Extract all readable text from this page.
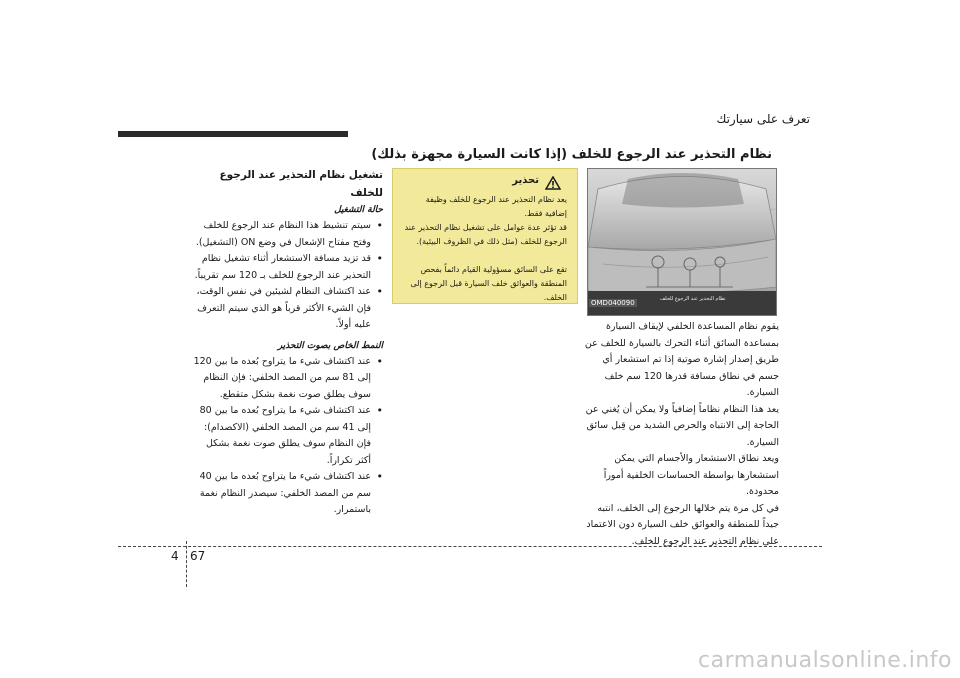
تعرف على سيارتك
نظام التحذير عند الرجوع للخلف (إذا كانت السيارة مجهزة بذلك)
OMD040090	نظام التحذير عند الرجوع للخلف
تحذير
يعد نظام التحذير عند الرجوع للخلف وظيفة إضافية فقط.
قد تؤثر عدة عوامل على تشغيل نظام التحذير عند الرجوع للخلف (مثل ذلك في الظروف البيئية).
تقع على السائق مسؤولية القيام دائماً بفحص المنطقة والعوائق خلف السيارة قبل الرجوع إلى الخلف.

يقوم نظام المساعدة الخلفي لإيقاف السيارة بمساعدة السائق أثناء التحرك بالسيارة للخلف عن طريق إصدار إشارة صوتية إذا تم استشعار أي جسم في نطاق مسافة قدرها 120 سم خلف السيارة.

يعد هذا النظام نظاماً إضافياً ولا يمكن أن يُغني عن الحاجة إلى الانتباه والحرص الشديد من قِبل سائق السيارة.

ويعد نطاق الاستشعار والأجسام التي يمكن استشعارها بواسطة الحساسات الخلفية أموراً محدودة.

في كل مرة يتم خلالها الرجوع إلى الخلف، انتبه جيداً للمنطقة والعوائق خلف السيارة دون الاعتماد على نظام التحذير عند الرجوع للخلف.

تشغيل نظام التحذير عند الرجوع للخلف
حالة التشغيل
• سيتم تنشيط هذا النظام عند الرجوع للخلف وفتح مفتاح الإشعال في وضع ON (التشغيل).
• قد تزيد مسافة الاستشعار أثناء تشغيل نظام التحذير عند الرجوع للخلف بـ 120 سم تقريباً.
• عند اكتشاف النظام لشيئين في نفس الوقت، فإن الشيء الأكثر قرباً هو الذي سيتم التعرف عليه أولاً.
النمط الخاص بصوت التحذير
• عند اكتشاف شيء ما يتراوح بُعده ما بين 120 إلى 81 سم من المصد الخلفي: فإن النظام سوف يطلق صوت نغمة بشكل متقطع.
• عند اكتشاف شيء ما يتراوح بُعده ما بين 80 إلى 41 سم من المصد الخلفي (الاكصدام): فإن النظام سوف يطلق صوت نغمة بشكل أكثر تكراراً.
• عند اكتشاف شيء ما يتراوح بُعده ما بين 40 سم من المصد الخلفي: سيصدر النظام نغمة باستمرار.
4 67
carmanualsonline.info
